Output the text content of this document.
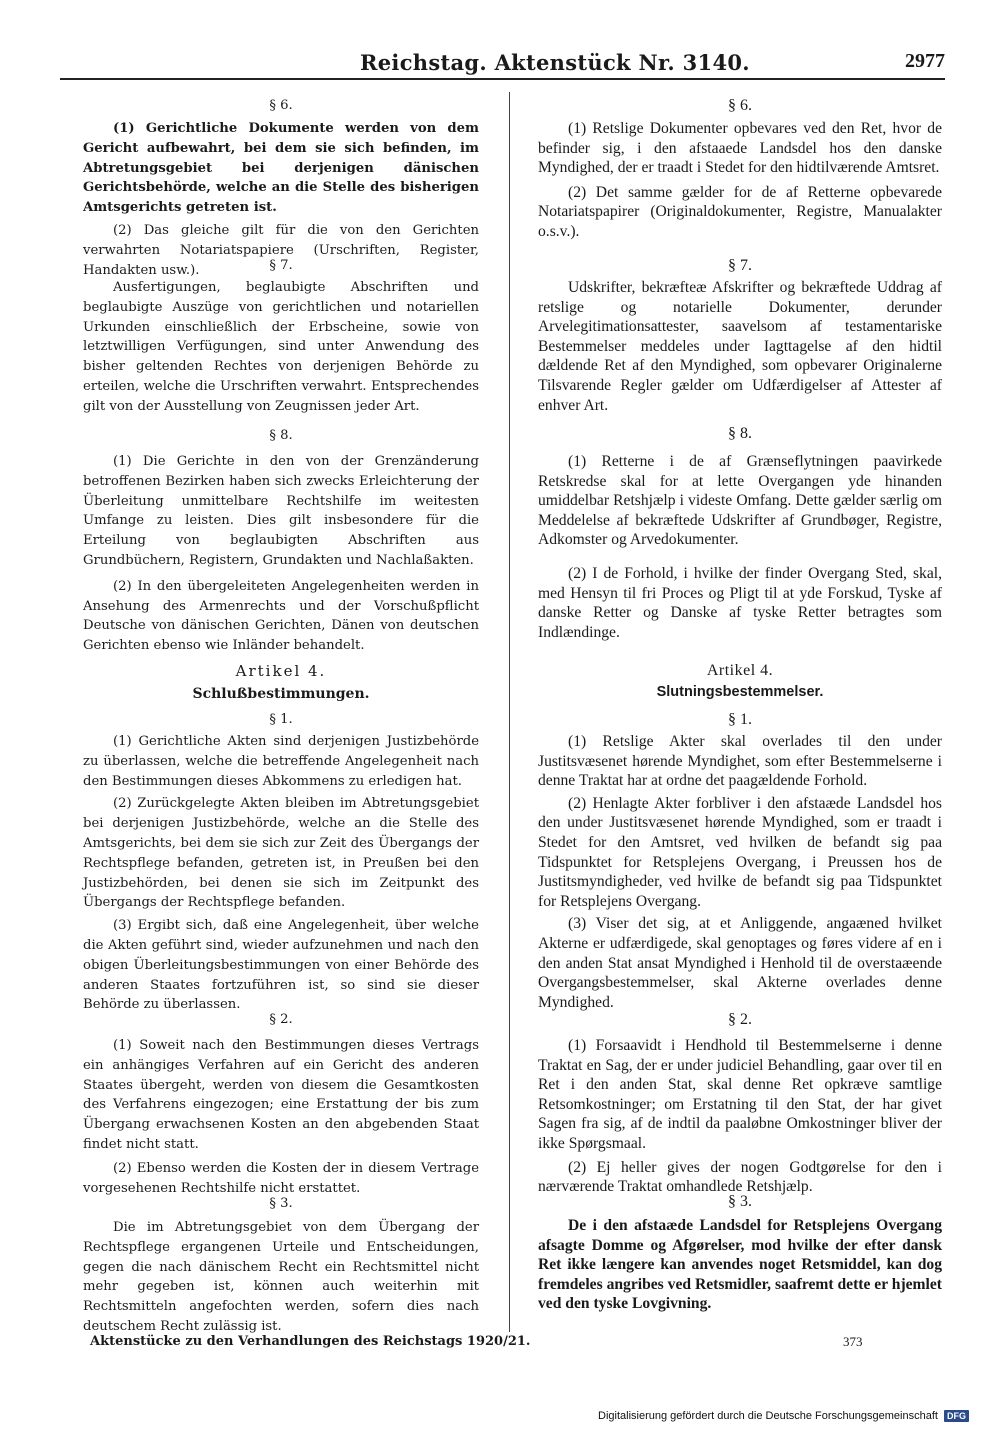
Reichstag. Aktenstück Nr. 3140.	2977
§ 6.

(1) Gerichtliche Dokumente werden von dem Gericht aufbewahrt, bei dem sie sich befinden, im Abtretungsgebiet bei derjenigen dänischen Gerichtsbehörde, welche an die Stelle des bisherigen Amtsgerichts getreten ist.

(2) Das gleiche gilt für die von den Gerichten verwahrten Notariatspapiere (Urschriften, Register, Handakten usw.).	§ 7.

Ausfertigungen, beglaubigte Abschriften und beglaubigte Auszüge von gerichtlichen und notariellen Urkunden einschließlich der Erbscheine, sowie von letztwilligen Verfügungen, sind unter Anwendung des bisher geltenden Rechtes von derjenigen Behörde zu erteilen, welche die Urschriften verwahrt. Entsprechendes gilt von der Ausstellung von Zeugnissen jeder Art.

§ 8.

(1) Die Gerichte in den von der Grenzänderung betroffenen Bezirken haben sich zwecks Erleichterung der Überleitung unmittelbare Rechtshilfe im weitesten Umfange zu leisten. Dies gilt insbesondere für die Erteilung von beglaubigten Abschriften aus Grundbüchern, Registern, Grundakten und Nachlaßakten.

(2) In den übergeleiteten Angelegenheiten werden in Ansehung des Armenrechts und der Vorschußpflicht Deutsche von dänischen Gerichten, Dänen von deutschen Gerichten ebenso wie Inländer behandelt.

Artikel 4.
Schlußbestimmungen.
§ 1.

(1) Gerichtliche Akten sind derjenigen Justizbehörde zu überlassen, welche die betreffende Angelegenheit nach den Bestimmungen dieses Abkommens zu erledigen hat.

(2) Zurückgelegte Akten bleiben im Abtretungsgebiet bei derjenigen Justizbehörde, welche an die Stelle des Amtsgerichts, bei dem sie sich zur Zeit des Übergangs der Rechtspflege befanden, getreten ist, in Preußen bei den Justizbehörden, bei denen sie sich im Zeitpunkt des Übergangs der Rechtspflege befanden.

(3) Ergibt sich, daß eine Angelegenheit, über welche die Akten geführt sind, wieder aufzunehmen und nach den obigen Überleitungsbestimmungen von einer Behörde des anderen Staates fortzuführen ist, so sind sie dieser Behörde zu überlassen.

§ 2.

(1) Soweit nach den Bestimmungen dieses Vertrags ein anhängiges Verfahren auf ein Gericht des anderen Staates übergeht, werden von diesem die Gesamtkosten des Verfahrens eingezogen; eine Erstattung der bis zum Übergang erwachsenen Kosten an den abgebenden Staat findet nicht statt.

(2) Ebenso werden die Kosten der in diesem Vertrage vorgesehenen Rechtshilfe nicht erstattet.

§ 3.

Die im Abtretungsgebiet von dem Übergang der Rechtspflege ergangenen Urteile und Entscheidungen, gegen die nach dänischem Recht ein Rechtsmittel nicht mehr gegeben ist, können auch weiterhin mit Rechtsmitteln angefochten werden, sofern dies nach deutschem Recht zulässig ist.

§ 6.

(1) Retslige Dokumenter opbevares ved den Ret, hvor de befinder sig, i den afstaaede Landsdel hos den danske Myndighed, der er traadt i Stedet for den hidtilværende Amtsret.

(2) Det samme gælder for de af Retterne opbevarede Notariatspapirer (Originaldokumenter, Registre, Manualakter o.s.v.).

§ 7.

Udskrifter, bekræfteæ Afskrifter og bekræftede Uddrag af retslige og notarielle Dokumenter, derunder Arvelegitimationsattester, saavelsom af testamentariske Bestemmelser meddeles under Iagttagelse af den hidtil dældende Ret af den Myndighed, som opbevarer Originalerne Tilsvarende Regler gælder om Udfærdigelser af Attester af enhver Art.

§ 8.

(1) Retterne i de af Grænseflytningen paavirkede Retskredse skal for at lette Overgangen yde hinanden umiddelbar Retshjælp i videste Omfang. Dette gælder særlig om Meddelelse af bekræftede Udskrifter af Grundbøger, Registre, Adkomster og Arvedokumenter.

(2) I de Forhold, i hvilke der finder Overgang Sted, skal, med Hensyn til fri Proces og Pligt til at yde Forskud, Tyske af danske Retter og Danske af tyske Retter betragtes som Indlændinge.

Artikel 4.
Slutningsbestemmelser.
§ 1.

(1) Retslige Akter skal overlades til den under Justitsvæsenet hørende Myndighet, som efter Bestemmelserne i denne Traktat har at ordne det paagældende Forhold.

(2) Henlagte Akter forbliver i den afstaæde Landsdel hos den under Justitsvæsenet hørende Myndighed, som er traadt i Stedet for den Amtsret, ved hvilken de befandt sig paa Tidspunktet for Retsplejens Overgang, i Preussen hos de Justitsmyndigheder, ved hvilke de befandt sig paa Tidspunktet for Retsplejens Overgang.

(3) Viser det sig, at et Anliggende, angaæned hvilket Akterne er udfærdigede, skal genoptages og føres videre af en i den anden Stat ansat Myndighed i Henhold til de overstaæende Overgangsbestemmelser, skal Akterne overlades denne Myndighed.

§ 2.

(1) Forsaavidt i Hendhold til Bestemmelserne i denne Traktat en Sag, der er under judiciel Behandling, gaar over til en Ret i den anden Stat, skal denne Ret opkræve samtlige Retsomkostninger; om Erstatning til den Stat, der har givet Sagen fra sig, af de indtil da paaløbne Omkostninger bliver der ikke Spørgsmaal.

(2) Ej heller gives der nogen Godtgørelse for den i nærværende Traktat omhandlede Retshjælp.

§ 3.

De i den afstaæde Landsdel for Retsplejens Overgang afsagte Domme og Afgørelser, mod hvilke der efter dansk Ret ikke længere kan anvendes noget Retsmiddel, kan dog fremdeles angribes ved Retsmidler, saafremt dette er hjemlet ved den tyske Lovgivning.

Aktenstücke zu den Verhandlungen des Reichstags 1920/21.	373
Digitalisierung gefördert durch die Deutsche Forschungsgemeinschaft DFG
